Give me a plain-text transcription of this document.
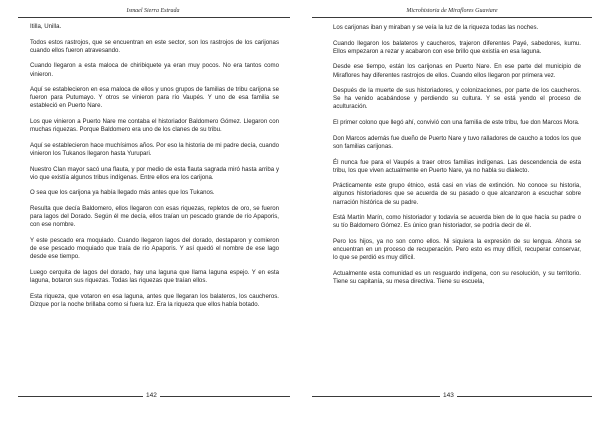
Ismael Sierra Estrada

Itilla, Unilla.

Todos estos rastrojos, que se encuentran en este sector, son los rastrojos de los carijonas cuando ellos fueron atravesando.

Cuando llegaron a esta maloca de chiribiquete ya eran muy pocos. No era tantos como vinieron.

Aquí se establecieron en esa maloca de ellos y unos grupos de familias de tribu carijona se fueron para Putumayo. Y otros se vinieron para río Vaupés. Y uno de esa familia se estableció en Puerto Nare.

Los que vinieron a Puerto Nare me contaba el historiador Baldomero Gómez. Llegaron con muchas riquezas. Porque Baldomero era uno de los clanes de su tribu.

Aquí se establecieron hace muchísimos años. Por eso la historia de mi padre decía, cuando vinieron los Tukanos llegaron hasta Yurupari.

Nuestro Clan mayor sacó una flauta, y por medio de esta flauta sagrada miró hasta arriba y vio que existía algunos tribus indígenas. Entre ellos era los carijona.

O sea que los carijona ya había llegado más antes que los Tukanos.

Resulta que decía Baldomero, ellos llegaron con esas riquezas, repletos de oro, se fueron para lagos del Dorado. Según él me decía, ellos traían un pescado grande de río Apaporis, con ese nombre.

Y este pescado era moquiado. Cuando llegaron lagos del dorado, destaparon y comieron de ese pescado moquiado que traía de río Apaporis. Y así quedó el nombre de ese lago desde ese tiempo.

Luego cerquita de lagos del dorado, hay una laguna que llama laguna espejo. Y en esta laguna, botaron sus riquezas. Todas las riquezas que traían ellos.

Esta riqueza, que votaron en esa laguna, antes que llegaran los balateros, los caucheros. Dizque por la noche brillaba como si fuera luz. Era la riqueza que ellos había botado.

142
Microhistoria de Miraflores Guaviare

Los carijonas iban y miraban y se veía la luz de la riqueza todas las noches.

Cuando llegaron los balateros y caucheros, trajeron diferentes Payé, sabedores, kumu. Ellos empezaron a rezar y acabaron con ese brillo que existía en esa laguna.

Desde ese tiempo, están los carijonas en Puerto Nare. En ese parte del municipio de Miraflores hay diferentes rastrojos de ellos. Cuando ellos llegaron por primera vez.

Después de la muerte de sus historiadores, y colonizaciones, por parte de los caucheros. Se ha venido acabándose y perdiendo su cultura. Y se está yendo el proceso de aculturación.

El primer colono que llegó ahí, convivió con una familia de este tribu, fue don Marcos Mora.

Don Marcos además fue dueño de Puerto Nare y tuvo ralladores de caucho a todos los que son familias carijonas.

Él nunca fue para el Vaupés a traer otros familias indígenas. Las descendencia de esta tribu, los que viven actualmente en Puerto Nare, ya no habla su dialecto.

Prácticamente este grupo étnico, está casi en vías de extinción. No conoce su historia, algunos historiadores que se acuerda de su pasado o que alcanzaron a escuchar sobre narración histórica de su padre.

Está Martín Marín, como historiador y todavía se acuerda bien de lo que hacía su padre o su tío Baldomero Gómez. Es único gran historiador, se podría decir de él.

Pero los hijos, ya no son como ellos. Ni siquiera la expresión de su lengua. Ahora se encuentran en un proceso de recuperación. Pero esto es muy difícil, recuperar conservar, lo que se perdió es muy difícil.

Actualmente esta comunidad es un resguardo indígena, con su resolución, y su territorio. Tiene su capitanía, su mesa directiva. Tiene su escuela,

143
